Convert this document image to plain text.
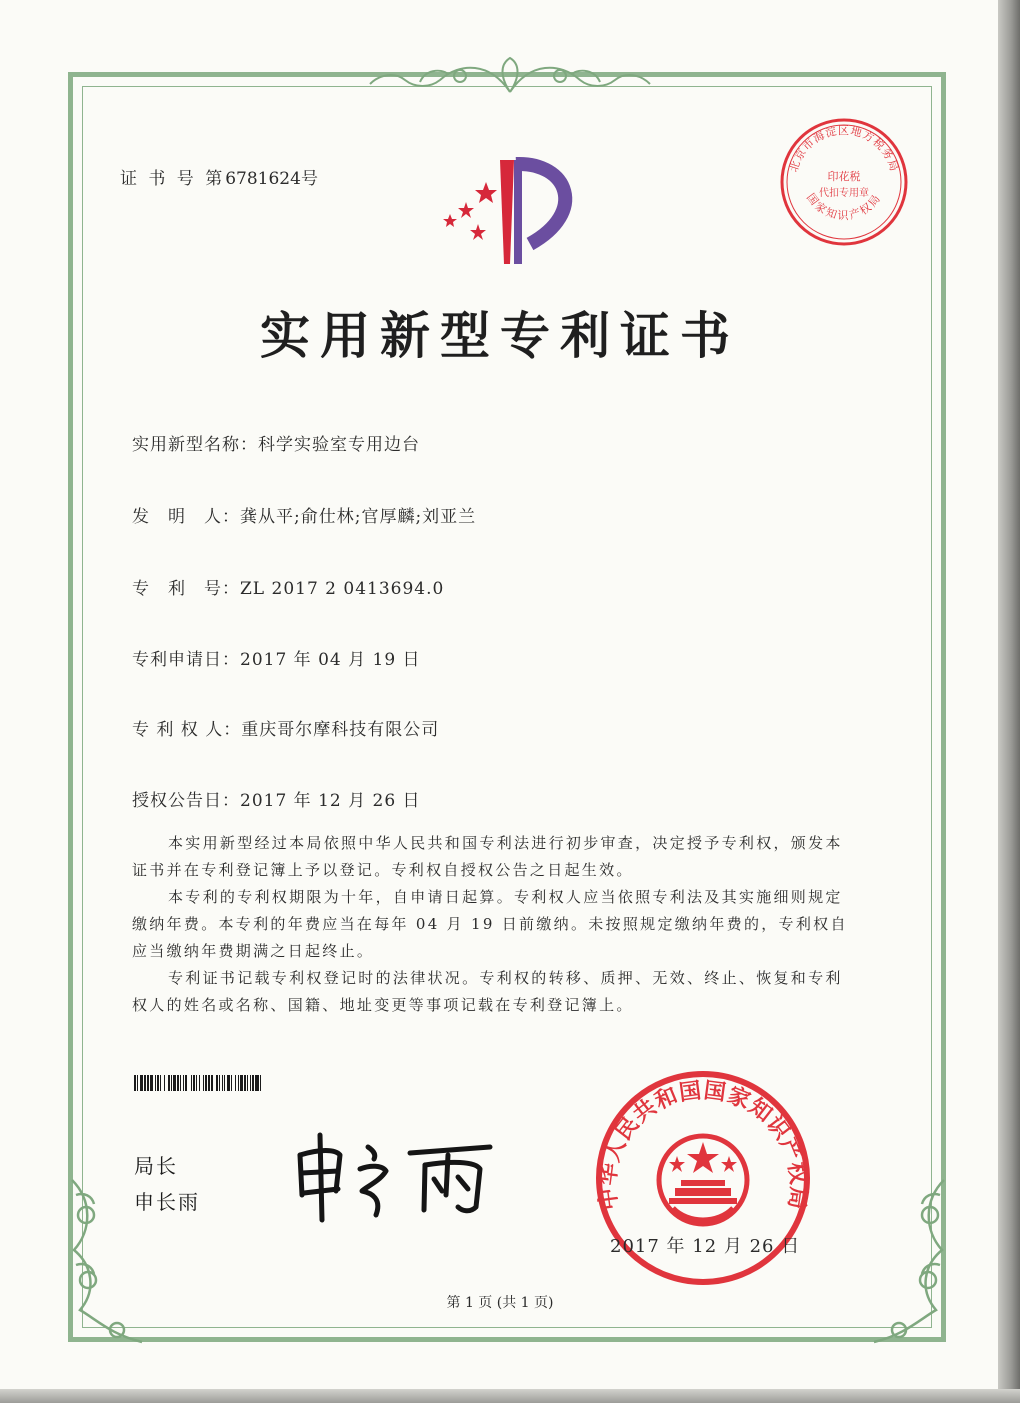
证 书 号 第6781624号
北京市海淀区地方税务局
国家知识产权局
印花税
代扣专用章
实用新型专利证书
实用新型名称：科学实验室专用边台
发　明　人：龚从平;俞仕林;官厚麟;刘亚兰
专　利　号：ZL 2017 2 0413694.0
专利申请日：2017 年 04 月 19 日
专 利 权 人：重庆哥尔摩科技有限公司
授权公告日：2017 年 12 月 26 日

本实用新型经过本局依照中华人民共和国专利法进行初步审查，决定授予专利权，颁发本证书并在专利登记簿上予以登记。专利权自授权公告之日起生效。

本专利的专利权期限为十年，自申请日起算。专利权人应当依照专利法及其实施细则规定缴纳年费。本专利的年费应当在每年 04 月 19 日前缴纳。未按照规定缴纳年费的，专利权自应当缴纳年费期满之日起终止。

专利证书记载专利权登记时的法律状况。专利权的转移、质押、无效、终止、恢复和专利权人的姓名或名称、国籍、地址变更等事项记载在专利登记簿上。

局长
申长雨	中华人民共和国国家知识产权局
2017 年 12 月 26 日
第 1 页 (共 1 页)
